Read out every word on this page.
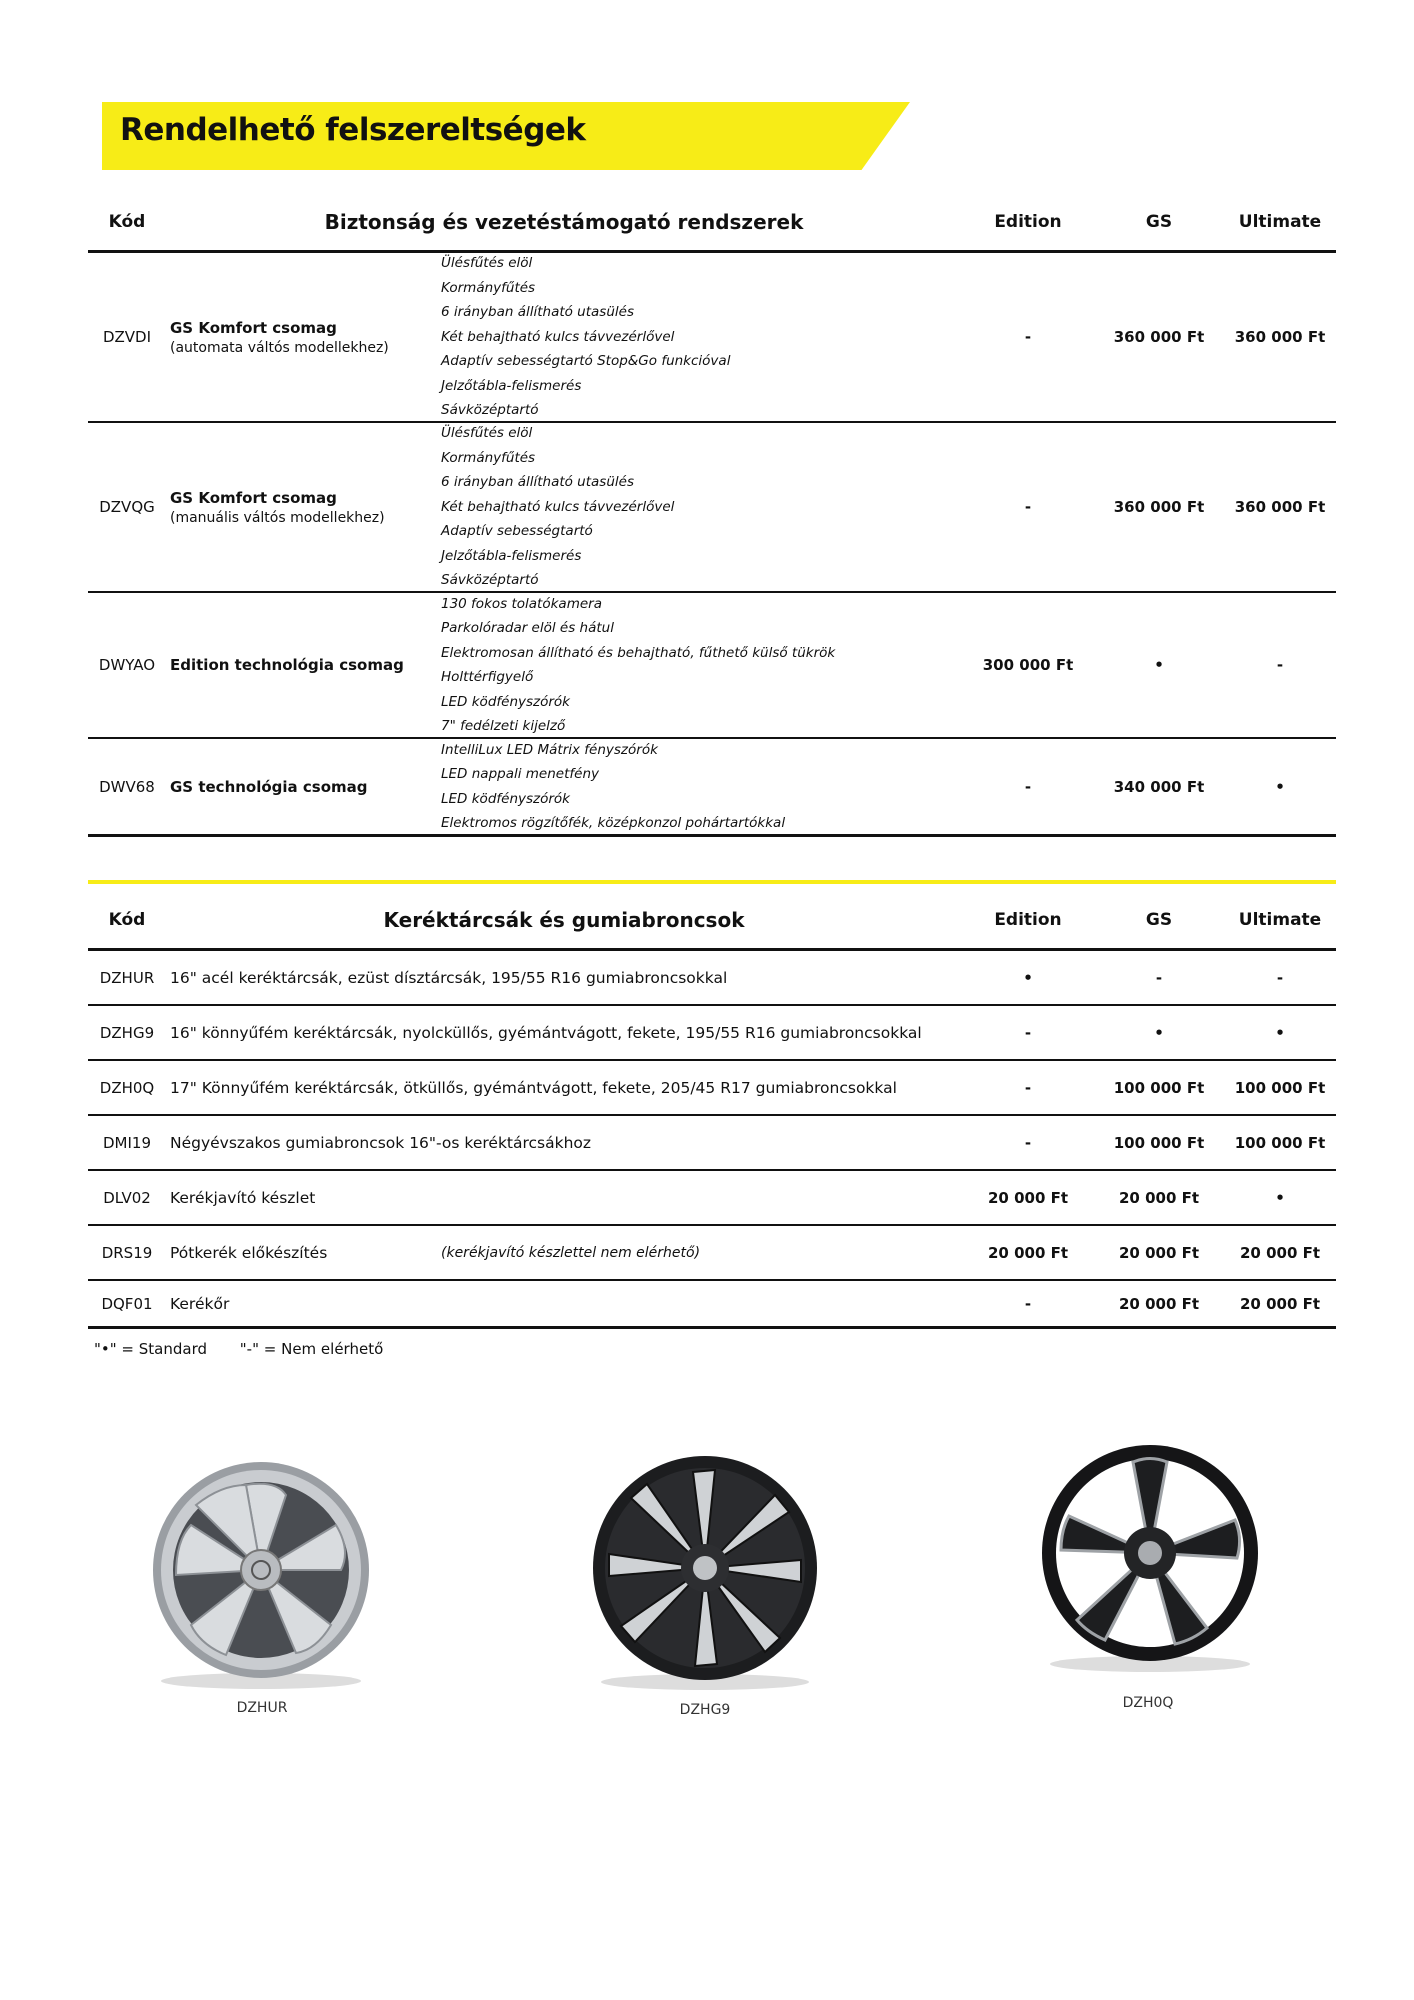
Rendelhető felszereltségek
Kód	Biztonság és vezetéstámogató rendszerek	Edition	GS	Ultimate
DZVDI
GS Komfort csomag
(automata váltós modellekhez)
Ülésfűtés elöl
Kormányfűtés
6 irányban állítható utasülés
Két behajtható kulcs távvezérlővel
Adaptív sebességtartó Stop&Go funkcióval
Jelzőtábla-felismerés
Sávközéptartó
-	360 000 Ft	360 000 Ft
DZVQG
GS Komfort csomag
(manuális váltós modellekhez)
Ülésfűtés elöl
Kormányfűtés
6 irányban állítható utasülés
Két behajtható kulcs távvezérlővel
Adaptív sebességtartó
Jelzőtábla-felismerés
Sávközéptartó
-	360 000 Ft	360 000 Ft
DWYAO Edition technológia csomag
130 fokos tolatókamera
Parkolóradar elöl és hátul
Elektromosan állítható és behajtható, fűthető külső tükrök
Holttérfigyelő
LED ködfényszórók
7" fedélzeti kijelző
300 000 Ft	•	-
DWV68	GS technológia csomag
IntelliLux LED Mátrix fényszórók
LED nappali menetfény
LED ködfényszórók
Elektromos rögzítőfék, középkonzol pohártartókkal
-	340 000 Ft	•
Kód	Keréktárcsák és gumiabroncsok	Edition	GS	Ultimate
DZHUR	16" acél keréktárcsák, ezüst dísztárcsák, 195/55 R16 gumiabroncsokkal	•	-	-
DZHG9	16" könnyűfém keréktárcsák, nyolcküllős, gyémántvágott, fekete, 195/55 R16 gumiabroncsokkal	-	•	•
DZH0Q	17" Könnyűfém keréktárcsák, ötküllős, gyémántvágott, fekete, 205/45 R17 gumiabroncsokkal	-	100 000 Ft	100 000 Ft
DMI19	Négyévszakos gumiabroncsok 16"-os keréktárcsákhoz	-	100 000 Ft	100 000 Ft
DLV02	Kerékjavító készlet	20 000 Ft	20 000 Ft	•
DRS19	Pótkerék előkészítés	(kerékjavító készlettel nem elérhető)	20 000 Ft	20 000 Ft	20 000 Ft
DQF01	Kerékőr	-	20 000 Ft	20 000 Ft
"•" = Standard "-" = Nem elérhető
DZHUR	DZHG9	DZH0Q
